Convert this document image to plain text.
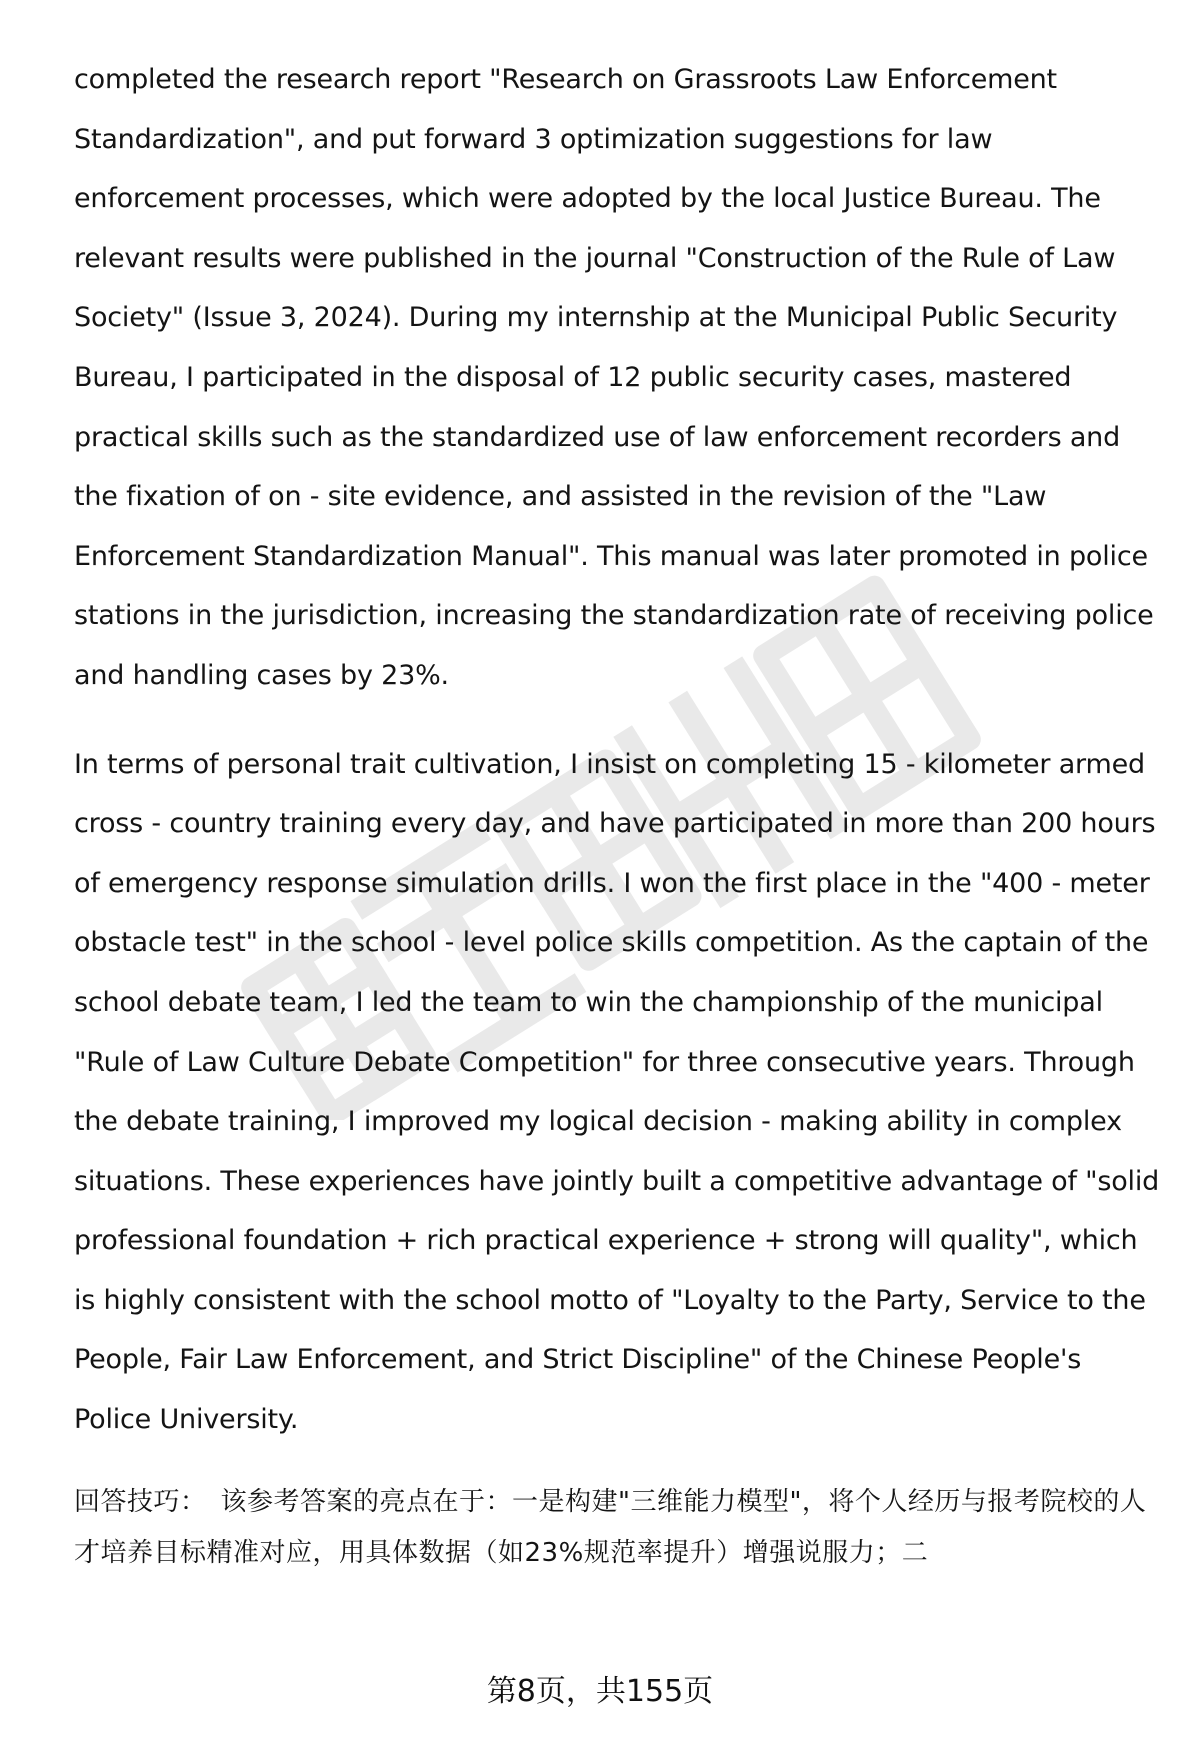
completed the research report "Research on Grassroots Law Enforcement Standardization", and put forward 3 optimization suggestions for law enforcement processes, which were adopted by the local Justice Bureau. The relevant results were published in the journal "Construction of the Rule of Law Society" (Issue 3, 2024). During my internship at the Municipal Public Security Bureau, I participated in the disposal of 12 public security cases, mastered practical skills such as the standardized use of law enforcement recorders and the fixation of on - site evidence, and assisted in the revision of the "Law Enforcement Standardization Manual". This manual was later promoted in police stations in the jurisdiction, increasing the standardization rate of receiving police and handling cases by 23%.

In terms of personal trait cultivation, I insist on completing 15 - kilometer armed cross - country training every day, and have participated in more than 200 hours of emergency response simulation drills. I won the first place in the "400 - meter obstacle test" in the school - level police skills competition. As the captain of the school debate team, I led the team to win the championship of the municipal "Rule of Law Culture Debate Competition" for three consecutive years. Through the debate training, I improved my logical decision - making ability in complex situations. These experiences have jointly built a competitive advantage of "solid professional foundation + rich practical experience + strong will quality", which is highly consistent with the school motto of "Loyalty to the Party, Service to the People, Fair Law Enforcement, and Strict Discipline" of the Chinese People's Police University.

回答技巧： 该参考答案的亮点在于：一是构建"三维能力模型"，将个人经历与报考院校的人才培养目标精准对应，用具体数据（如23%规范率提升）增强说服力；二

第8页，共155页
